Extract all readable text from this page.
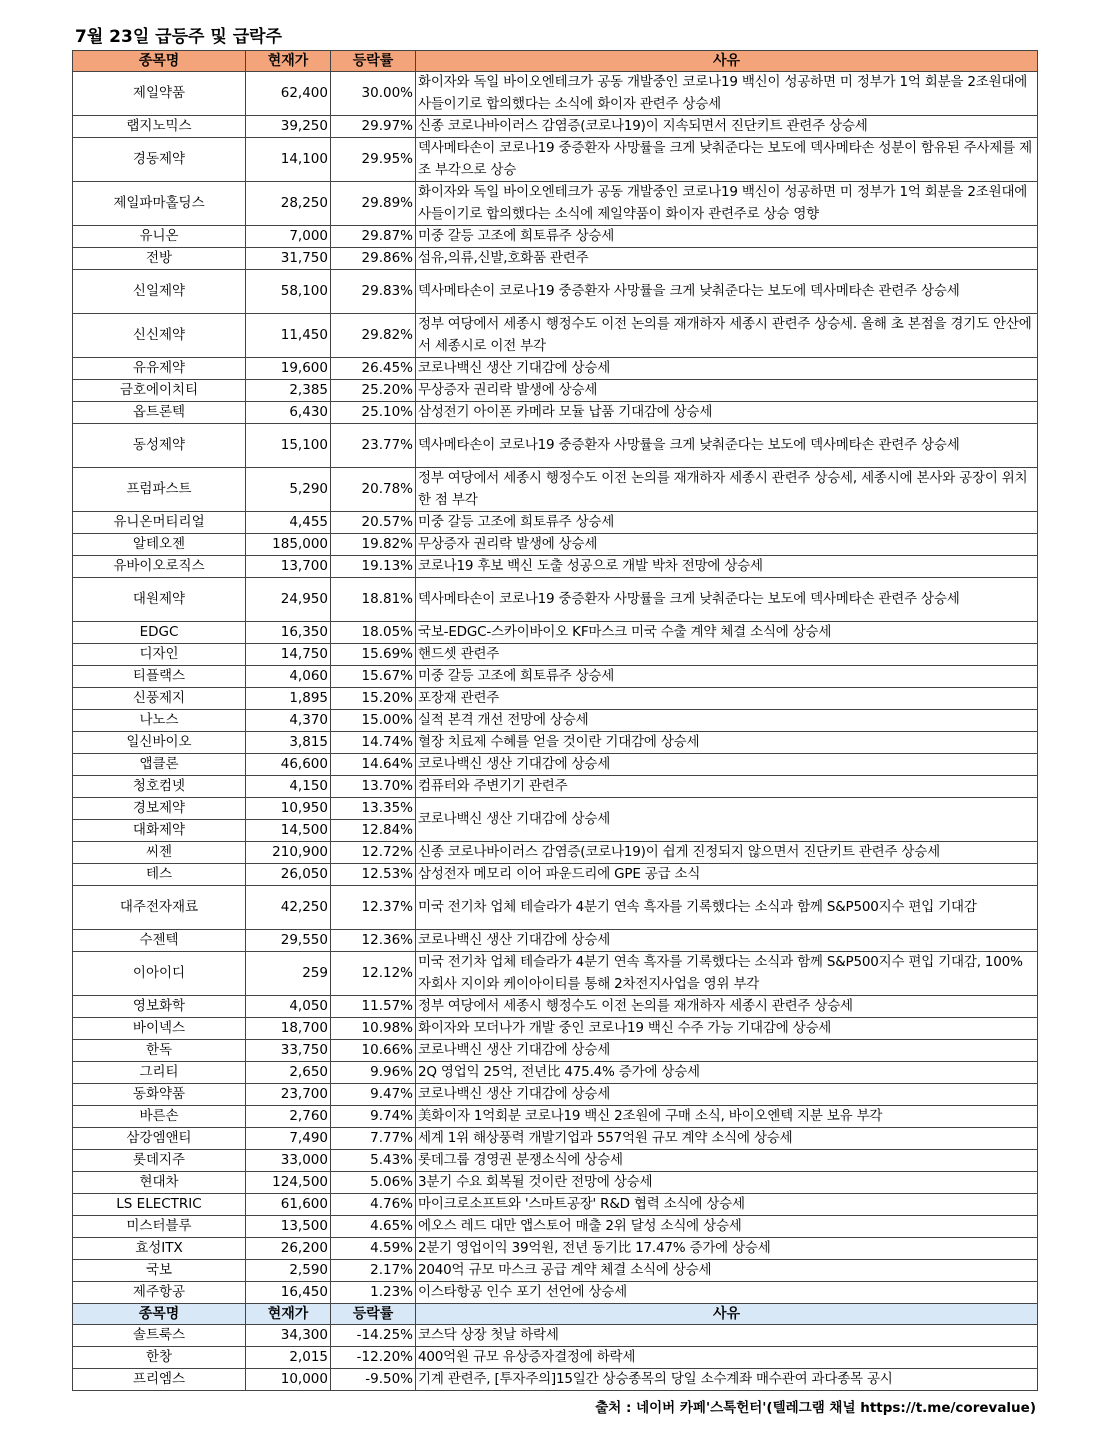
7월 23일 급등주 및 급락주
종목명	현재가	등락률	사유
제일약품	62,400	30.00%	화이자와 독일 바이오엔테크가 공동 개발중인 코로나19 백신이 성공하면 미 정부가 1억 회분을 2조원대에 사들이기로 합의했다는 소식에 화이자 관련주 상승세
랩지노믹스	39,250	29.97%	신종 코로나바이러스 감염증(코로나19)이 지속되면서 진단키트 관련주 상승세
경동제약	14,100	29.95%	덱사메타손이 코로나19 중증환자 사망률을 크게 낮춰준다는 보도에 덱사메타손 성분이 함유된 주사제를 제조 부각으로 상승
제일파마홀딩스	28,250	29.89%	화이자와 독일 바이오엔테크가 공동 개발중인 코로나19 백신이 성공하면 미 정부가 1억 회분을 2조원대에 사들이기로 합의했다는 소식에 제일약품이 화이자 관련주로 상승 영향
유니온	7,000	29.87%	미중 갈등 고조에 희토류주 상승세
전방	31,750	29.86%	섬유,의류,신발,호화품 관련주
신일제약	58,100	29.83%	덱사메타손이 코로나19 중증환자 사망률을 크게 낮춰준다는 보도에 덱사메타손 관련주 상승세
신신제약	11,450	29.82%	정부 여당에서 세종시 행정수도 이전 논의를 재개하자 세종시 관련주 상승세. 올해 초 본점을 경기도 안산에서 세종시로 이전 부각
유유제약	19,600	26.45%	코로나백신 생산 기대감에 상승세
금호에이치티	2,385	25.20%	무상증자 권리락 발생에 상승세
옵트론텍	6,430	25.10%	삼성전기 아이폰 카메라 모듈 납품 기대감에 상승세
동성제약	15,100	23.77%	덱사메타손이 코로나19 중증환자 사망률을 크게 낮춰준다는 보도에 덱사메타손 관련주 상승세
프럼파스트	5,290	20.78%	정부 여당에서 세종시 행정수도 이전 논의를 재개하자 세종시 관련주 상승세, 세종시에 본사와 공장이 위치한 점 부각
유니온머티리얼	4,455	20.57%	미중 갈등 고조에 희토류주 상승세
알테오젠	185,000	19.82%	무상증자 권리락 발생에 상승세
유바이오로직스	13,700	19.13%	코로나19 후보 백신 도출 성공으로 개발 박차 전망에 상승세
대원제약	24,950	18.81%	덱사메타손이 코로나19 중증환자 사망률을 크게 낮춰준다는 보도에 덱사메타손 관련주 상승세
EDGC	16,350	18.05%	국보-EDGC-스카이바이오 KF마스크 미국 수출 계약 체결 소식에 상승세
디자인	14,750	15.69%	핸드셋 관련주
티플랙스	4,060	15.67%	미중 갈등 고조에 희토류주 상승세
신풍제지	1,895	15.20%	포장재 관련주
나노스	4,370	15.00%	실적 본격 개선 전망에 상승세
일신바이오	3,815	14.74%	혈장 치료제 수혜를 얻을 것이란 기대감에 상승세
앱클론	46,600	14.64%	코로나백신 생산 기대감에 상승세
청호컴넷	4,150	13.70%	컴퓨터와 주변기기 관련주
경보제약	10,950	13.35%	코로나백신 생산 기대감에 상승세
대화제약	14,500	12.84%	
씨젠	210,900	12.72%	신종 코로나바이러스 감염증(코로나19)이 쉽게 진정되지 않으면서 진단키트 관련주 상승세
테스	26,050	12.53%	삼성전자 메모리 이어 파운드리에 GPE 공급 소식
대주전자재료	42,250	12.37%	미국 전기차 업체 테슬라가 4분기 연속 흑자를 기록했다는 소식과 함께 S&P500지수 편입 기대감
수젠텍	29,550	12.36%	코로나백신 생산 기대감에 상승세
이아이디	259	12.12%	미국 전기차 업체 테슬라가 4분기 연속 흑자를 기록했다는 소식과 함께 S&P500지수 편입 기대감, 100% 자회사 지이와 케이아이티를 통해 2차전지사업을 영위 부각
영보화학	4,050	11.57%	정부 여당에서 세종시 행정수도 이전 논의를 재개하자 세종시 관련주 상승세
바이넥스	18,700	10.98%	화이자와 모더나가 개발 중인 코로나19 백신 수주 가능 기대감에 상승세
한독	33,750	10.66%	코로나백신 생산 기대감에 상승세
그리티	2,650	9.96%	2Q 영업익 25억, 전년比 475.4% 증가에 상승세
동화약품	23,700	9.47%	코로나백신 생산 기대감에 상승세
바른손	2,760	9.74%	美화이자 1억회분 코로나19 백신 2조원에 구매 소식, 바이오엔텍 지분 보유 부각
삼강엠앤티	7,490	7.77%	세계 1위 해상풍력 개발기업과 557억원 규모 계약 소식에 상승세
롯데지주	33,000	5.43%	롯데그룹 경영권 분쟁소식에 상승세
현대차	124,500	5.06%	3분기 수요 회복될 것이란 전망에 상승세
LS ELECTRIC	61,600	4.76%	마이크로소프트와 '스마트공장' R&D 협력 소식에 상승세
미스터블루	13,500	4.65%	에오스 레드 대만 앱스토어 매출 2위 달성 소식에 상승세
효성ITX	26,200	4.59%	2분기 영업이익 39억원, 전년 동기比 17.47% 증가에 상승세
국보	2,590	2.17%	2040억 규모 마스크 공급 계약 체결 소식에 상승세
제주항공	16,450	1.23%	이스타항공 인수 포기 선언에 상승세
종목명	현재가	등락률	사유
솔트룩스	34,300	-14.25%	코스닥 상장 첫날 하락세
한창	2,015	-12.20%	400억원 규모 유상증자결정에 하락세
프리엠스	10,000	-9.50%	기계 관련주, [투자주의]15일간 상승종목의 당일 소수계좌 매수관여 과다종목 공시
출처 : 네이버 카페'스톡헌터'(텔레그램 채널 https://t.me/corevalue)
